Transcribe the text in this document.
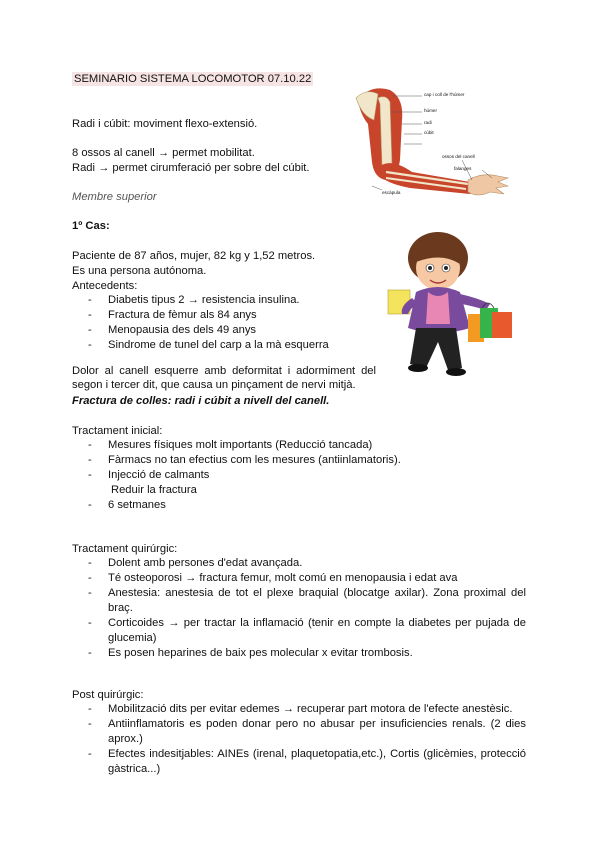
SEMINARIO SISTEMA LOCOMOTOR 07.10.22
Radi i cúbit: moviment flexo-extensió.
8 ossos al canell → permet mobilitat.
Radi → permet cirumferació per sobre del cúbit.
Membre superior
cap i coll de l'húmer
húmer
radi
cúbit
ossos del canell
falanges
escàpula
1º Cas:
Paciente de 87 años, mujer, 82 kg y 1,52 metros.
Es una persona autónoma.
Antecedents:
- Diabetis tipus 2 → resistencia insulina.
- Fractura de fèmur als 84 anys
- Menopausia des dels 49 anys
- Sindrome de tunel del carp a la mà esquerra
Dolor al canell esquerre amb deformitat i adormiment del segon i tercer dit, que causa un pinçament de nervi mitjà.
Fractura de colles: radi i cúbit a nivell del canell.
Tractament inicial:
- Mesures físiques molt importants (Reducció tancada)
- Fàrmacs no tan efectius com les mesures (antiinlamatoris).
- Injecció de calmants
Reduir la fractura
- 6 setmanes
Tractament quirúrgic:
- Dolent amb persones d'edat avançada.
- Té osteoporosi → fractura femur, molt comú en menopausia i edat ava
- Anestesia: anestesia de tot el plexe braquial (blocatge axilar). Zona proximal del braç.
- Corticoides → per tractar la inflamació (tenir en compte la diabetes per pujada de glucemia)
- Es posen heparines de baix pes molecular x evitar trombosis.
Post quirúrgic:
- Mobilització dits per evitar edemes → recuperar part motora de l'efecte anestèsic.
- Antiinflamatoris es poden donar pero no abusar per insuficiencies renals. (2 dies aprox.)
- Efectes indesitjables: AINEs (irenal, plaquetopatia,etc.), Cortis (glicèmies, protecció gàstrica...)
